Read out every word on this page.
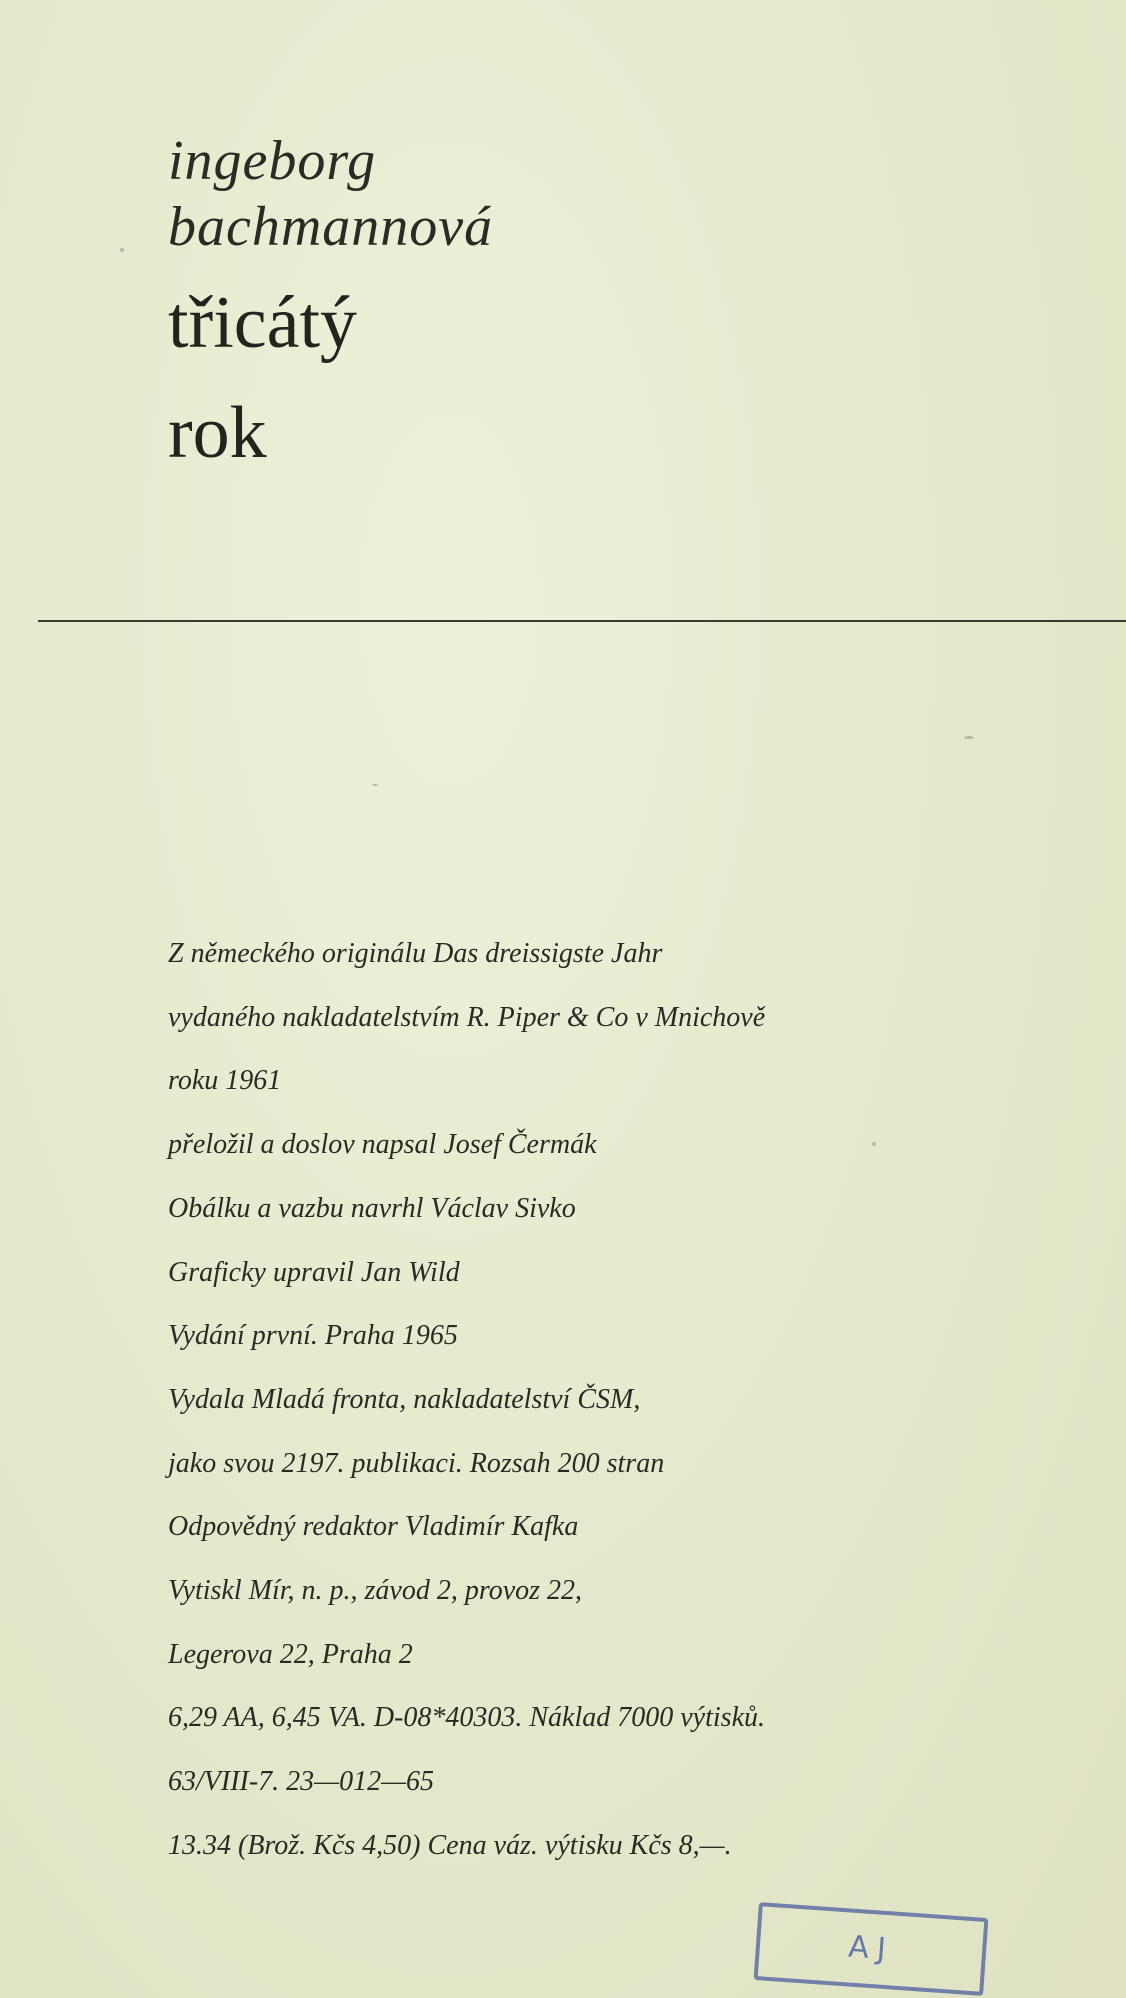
ingeborg
bachmannová
třicátý
rok
Z německého originálu Das dreissigste Jahr
vydaného nakladatelstvím R. Piper & Co v Mnichově
roku 1961
přeložil a doslov napsal Josef Čermák
Obálku a vazbu navrhl Václav Sivko
Graficky upravil Jan Wild
Vydání první. Praha 1965
Vydala Mladá fronta, nakladatelství ČSM,
jako svou 2197. publikaci. Rozsah 200 stran
Odpovědný redaktor Vladimír Kafka
Vytiskl Mír, n. p., závod 2, provoz 22,
Legerova 22, Praha 2
6,29 AA, 6,45 VA. D-08*40303. Náklad 7000 výtisků.
63/VIII-7. 23—012—65
13.34 (Brož. Kčs 4,50) Cena váz. výtisku Kčs 8,—.
AJ
